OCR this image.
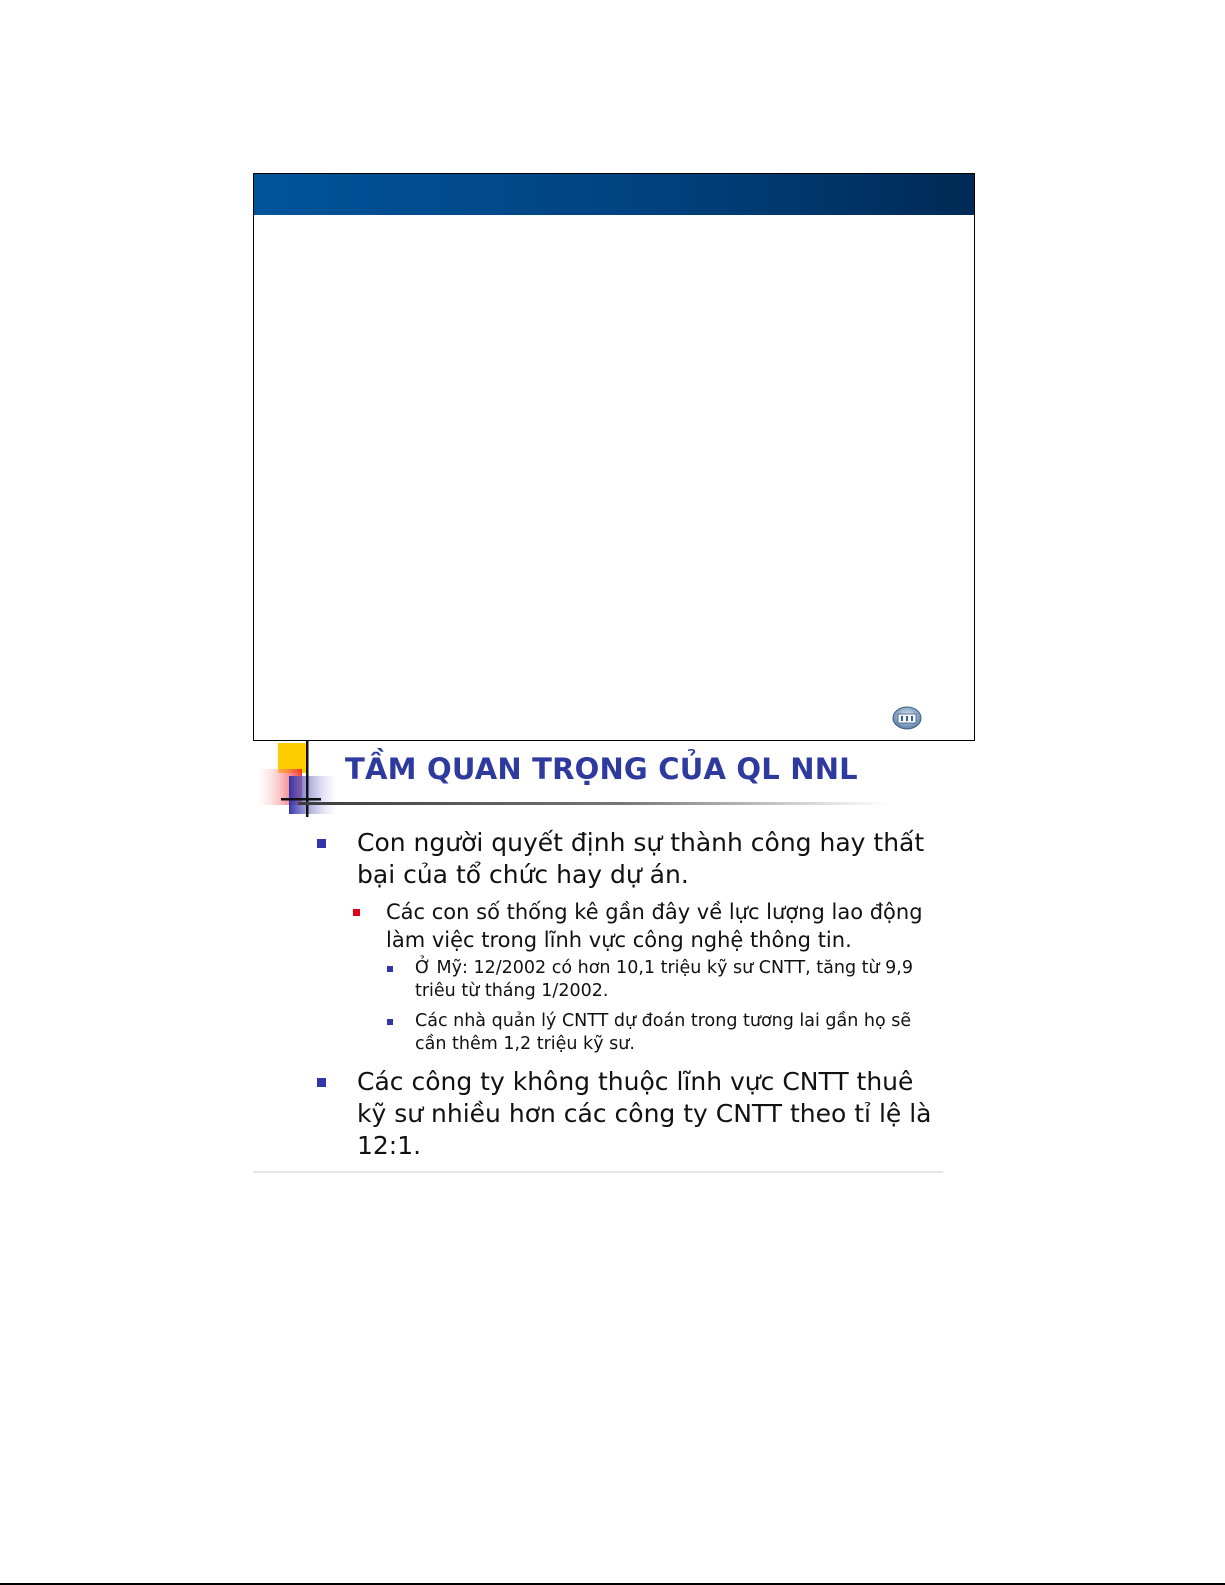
TẦM QUAN TRỌNG CỦA QL NNL
Con người quyết định sự thành công hay thất bại của tổ chức hay dự án.
Các con số thống kê gần đây về lực lượng lao động làm việc trong lĩnh vực công nghệ thông tin.
Ở Mỹ: 12/2002 có hơn 10,1 triệu kỹ sư CNTT, tăng từ 9,9 triêu từ tháng 1/2002.
Các nhà quản lý CNTT dự đoán trong tương lai gần họ sẽ cần thêm 1,2 triệu kỹ sư.
Các công ty không thuộc lĩnh vực CNTT thuê kỹ sư nhiều hơn các công ty CNTT theo tỉ lệ là 12:1.
